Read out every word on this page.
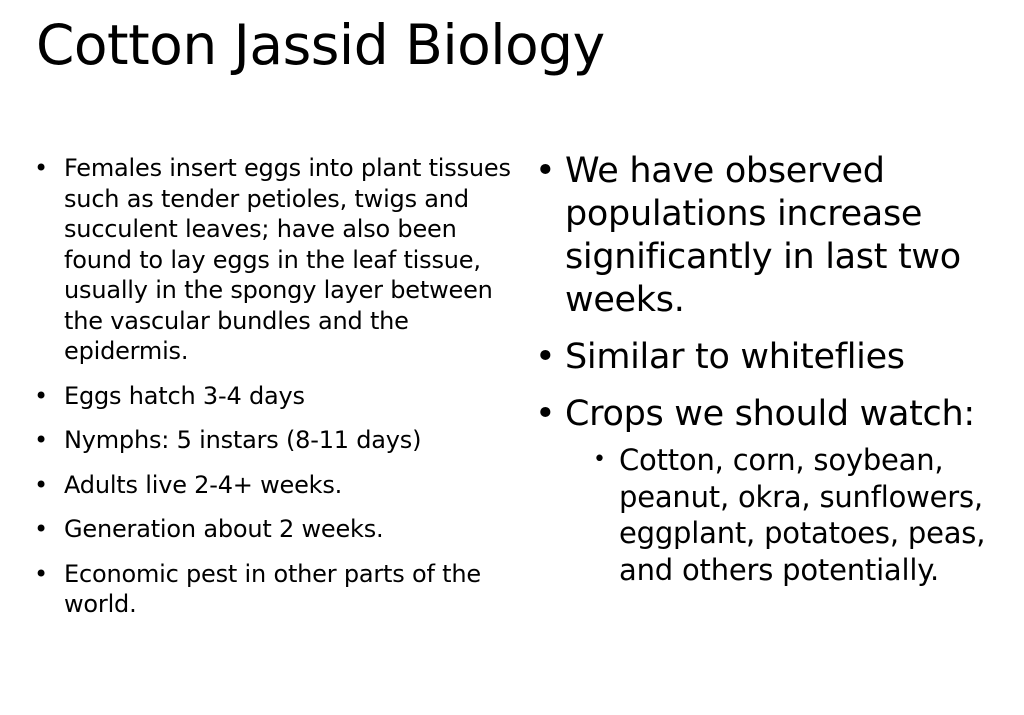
Cotton Jassid Biology
• Females insert eggs into plant tissues such as tender petioles, twigs and succulent leaves; have also been found to lay eggs in the leaf tissue, usually in the spongy layer between the vascular bundles and the epidermis.
• Eggs hatch 3-4 days
• Nymphs: 5 instars (8-11 days)
• Adults live 2-4+ weeks.
• Generation about 2 weeks.
• Economic pest in other parts of the world.
• We have observed populations increase significantly in last two weeks.
• Similar to whiteflies
• Crops we should watch:
• Cotton, corn, soybean, peanut, okra, sunflowers, eggplant, potatoes, peas, and others potentially.
